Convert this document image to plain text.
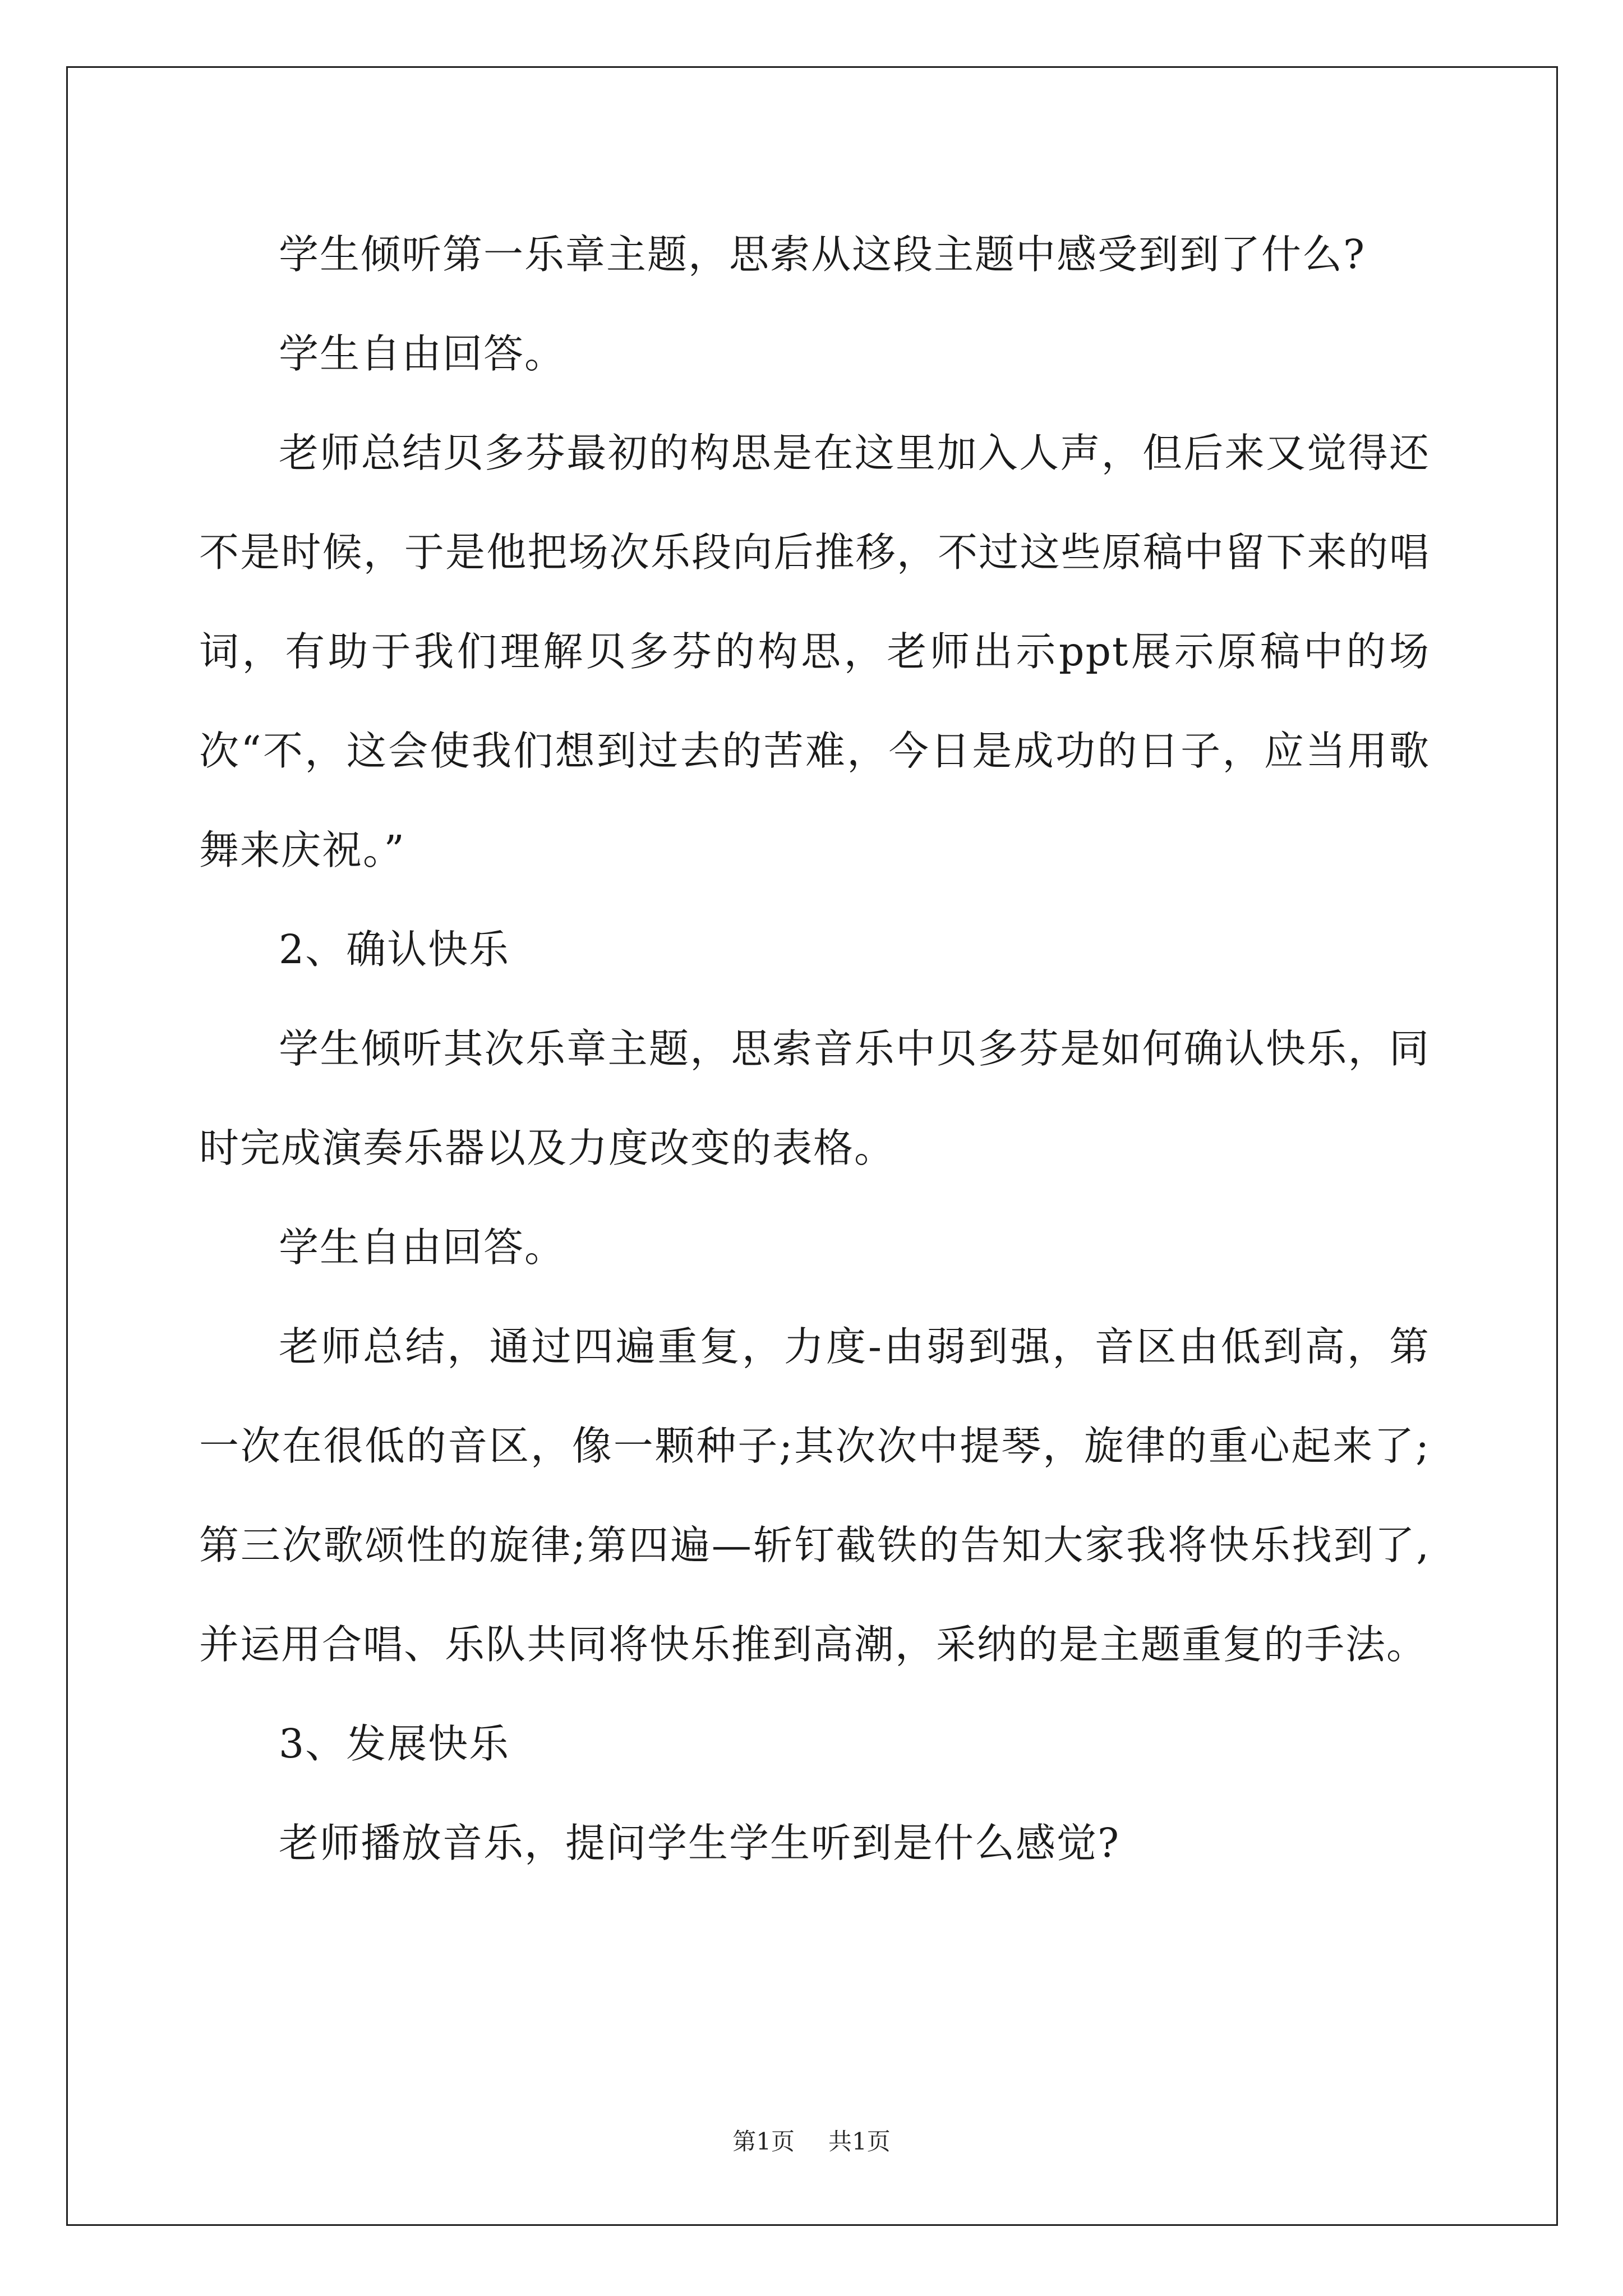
学生倾听第一乐章主题，思索从这段主题中感受到到了什么?

学生自由回答。

老师总结贝多芬最初的构思是在这里加入人声，但后来又觉得还不是时候，于是他把场次乐段向后推移，不过这些原稿中留下来的唱词，有助于我们理解贝多芬的构思，老师出示ppt展示原稿中的场次“不，这会使我们想到过去的苦难，今日是成功的日子，应当用歌舞来庆祝。”

2、确认快乐

学生倾听其次乐章主题，思索音乐中贝多芬是如何确认快乐，同时完成演奏乐器以及力度改变的表格。

学生自由回答。

老师总结，通过四遍重复，力度-由弱到强，音区由低到高，第一次在很低的音区，像一颗种子;其次次中提琴，旋律的重心起来了;第三次歌颂性的旋律;第四遍—斩钉截铁的告知大家我将快乐找到了,并运用合唱、乐队共同将快乐推到高潮，采纳的是主题重复的手法。

3、发展快乐

老师播放音乐，提问学生学生听到是什么感觉?

第1页 共1页
